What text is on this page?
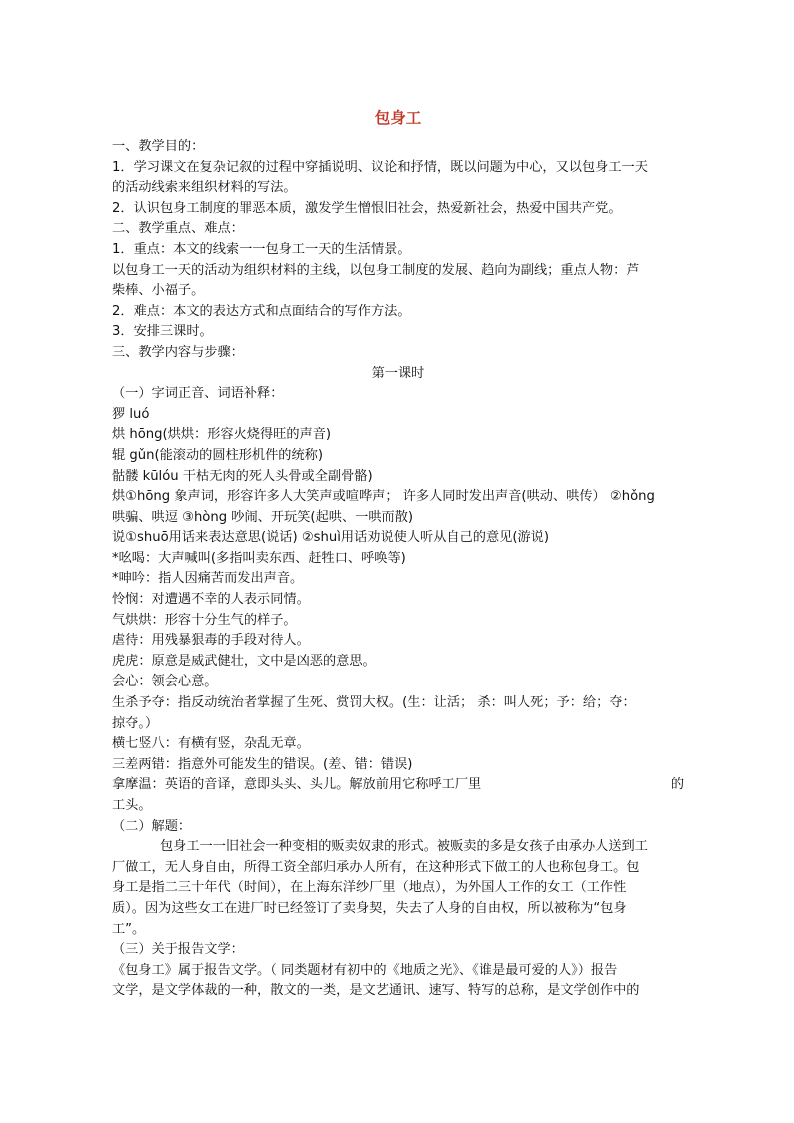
包身工
一、教学目的：
1．学习课文在复杂记叙的过程中穿插说明、议论和抒情，既以问题为中心，又以包身工一天
的活动线索来组织材料的写法。
2．认识包身工制度的罪恶本质，激发学生憎恨旧社会，热爱新社会，热爱中国共产党。
二、教学重点、难点：
1．重点：本文的线索一一包身工一天的生活情景。
以包身工一天的活动为组织材料的主线，以包身工制度的发展、趋向为副线；重点人物：芦
柴棒、小福子。
2．难点：本文的表达方式和点面结合的写作方法。
3．安排三课时。
三、教学内容与步骤：
第一课时
（一）字词正音、词语补释：
猡 luó
烘 hōng(烘烘：形容火烧得旺的声音)
辊 gǔn(能滚动的圆柱形机件的统称)
骷髅 kūlóu 干枯无肉的死人头骨或全副骨骼)
烘①hōng 象声词，形容许多人大笑声或喧哗声； 许多人同时发出声音(哄动、哄传） ②hǒng
哄骗、哄逗 ③hòng 吵闹、开玩笑(起哄、一哄而散)
说①shuō用话来表达意思(说话) ②shuì用话劝说使人听从自己的意见(游说)
*吆喝：大声喊叫(多指叫卖东西、赶牲口、呼唤等)
*呻吟：指人因痛苦而发出声音。
怜悯：对遭遇不幸的人表示同情。
气烘烘：形容十分生气的样子。
虐待：用残暴狠毒的手段对待人。
虎虎：原意是威武健壮，文中是凶恶的意思。
会心：领会心意。
生杀予夺：指反动统治者掌握了生死、赏罚大权。(生：让活； 杀：叫人死；予：给；夺：
掠夺。）
横七竖八：有横有竖，杂乱无章。
三差两错：指意外可能发生的错误。(差、错：错误)
拿摩温：英语的音译，意即头头、头儿。解放前用它称呼工厂里	的
工头。
（二）解题：
包身工一一旧社会一种变相的贩卖奴隶的形式。被贩卖的多是女孩子由承办人送到工
厂做工，无人身自由，所得工资全部归承办人所有，在这种形式下做工的人也称包身工。包
身工是指二三十年代（时间），在上海东洋纱厂里（地点），为外国人工作的女工（工作性
质）。因为这些女工在进厂时已经签订了卖身契，失去了人身的自由权，所以被称为“包身
工”。
（三）关于报告文学：
《包身工》属于报告文学。（ 同类题材有初中的《地质之光》、《谁是最可爱的人》）报告
文学，是文学体裁的一种，散文的一类，是文艺通讯、速写、特写的总称，是文学创作中的
